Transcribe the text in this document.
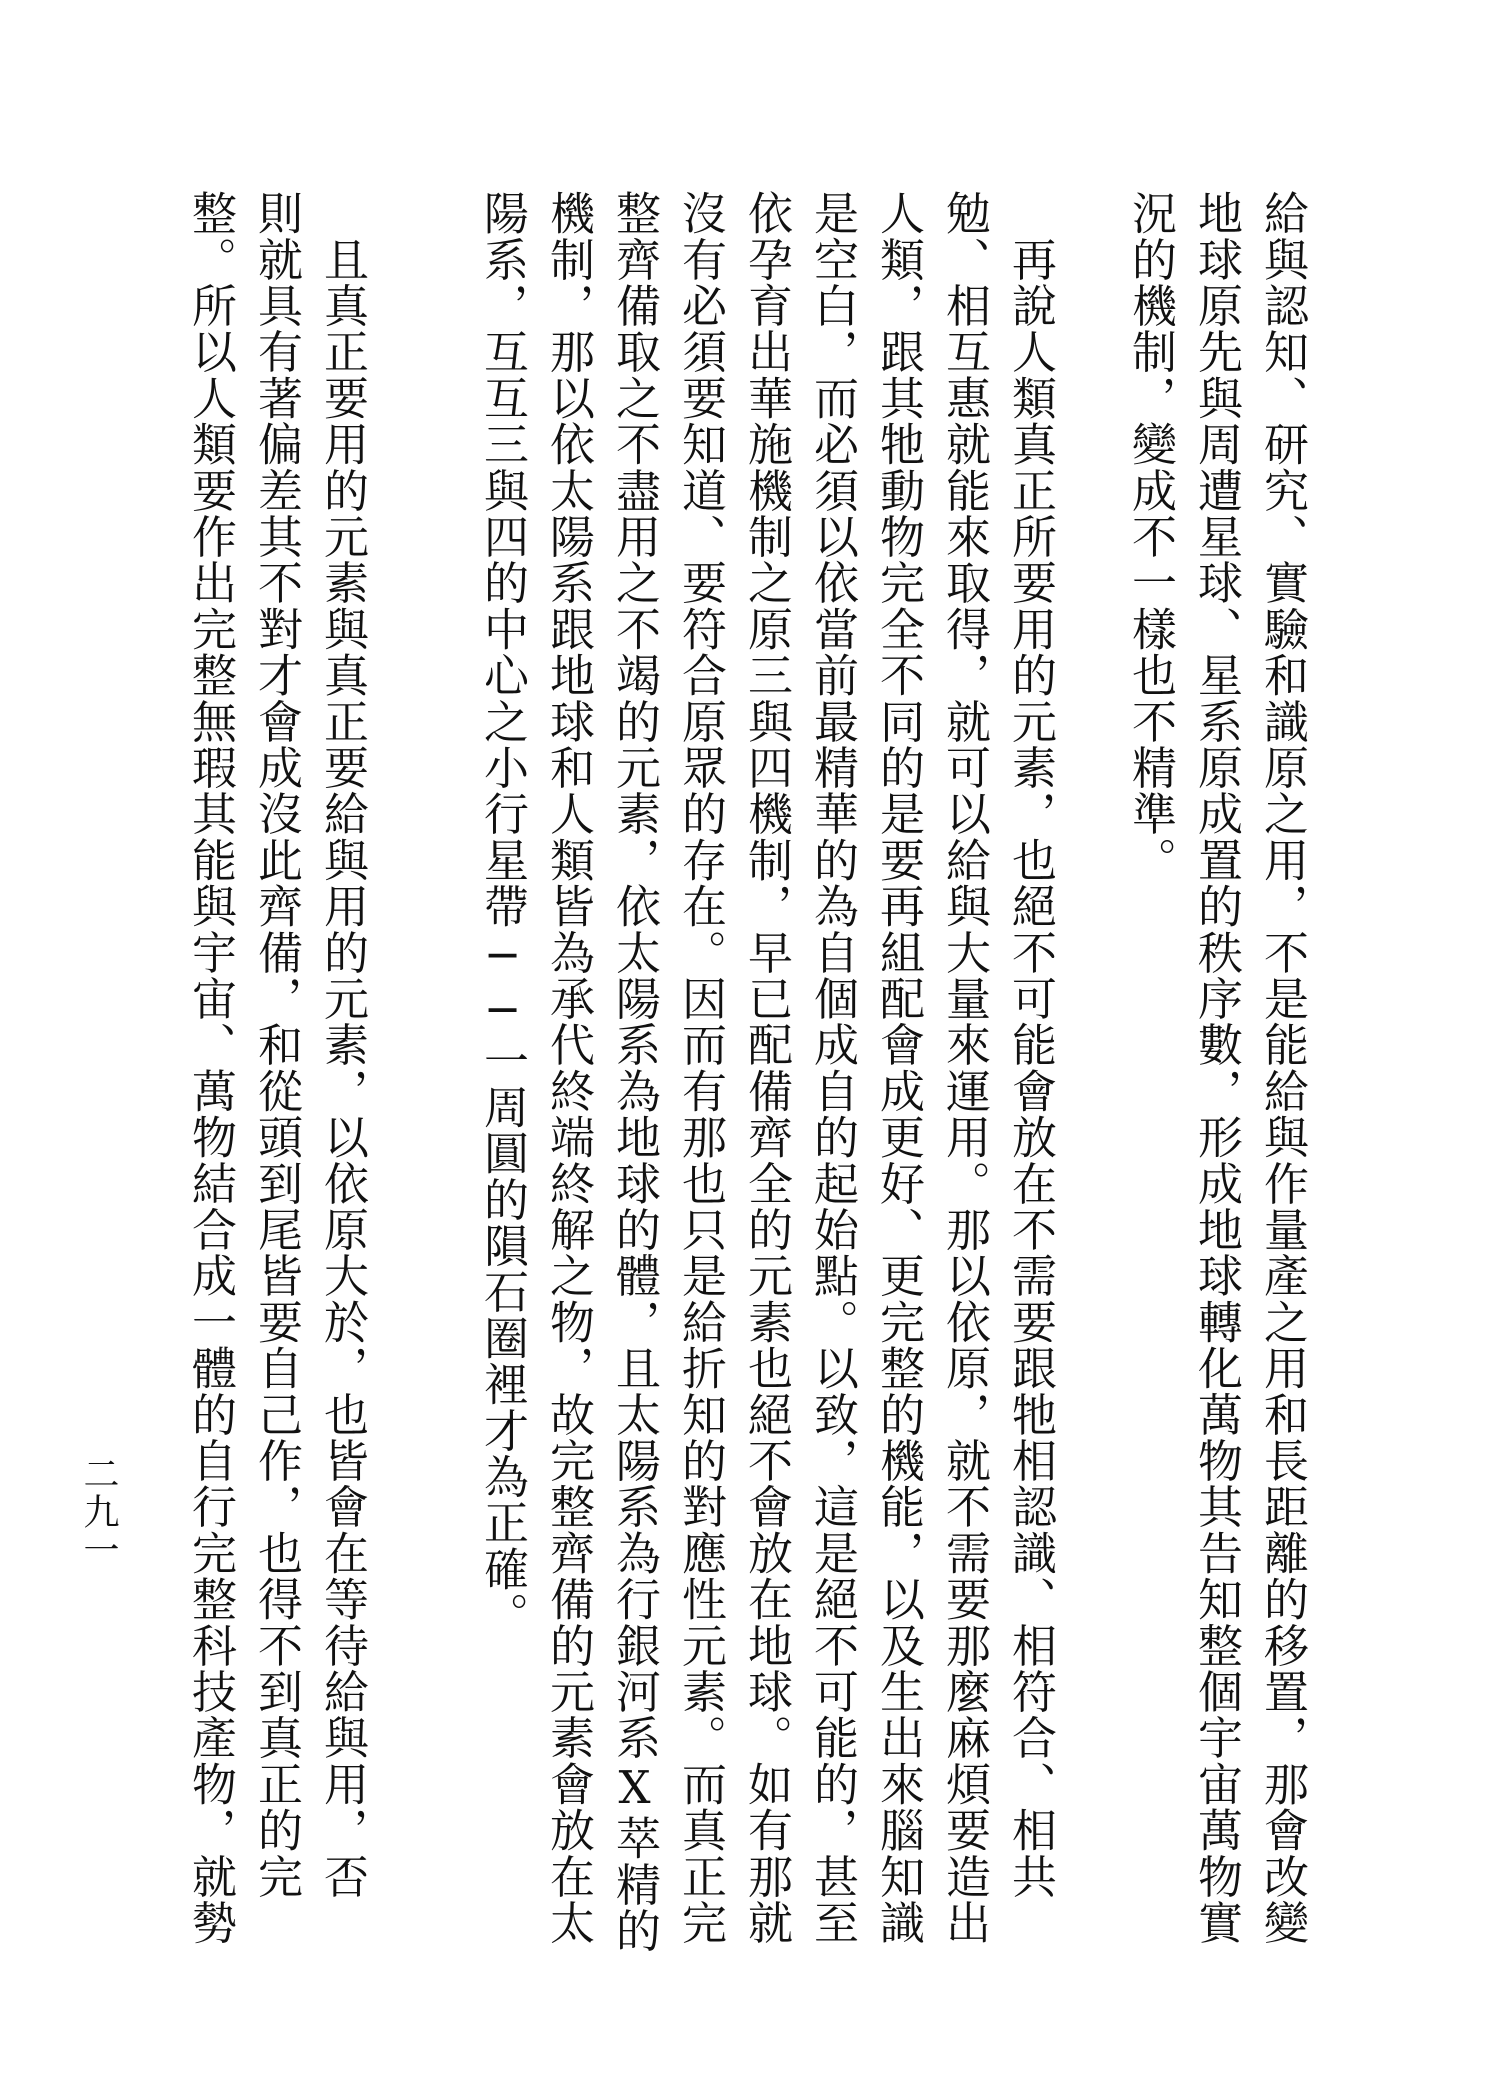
給與認知、研究、實驗和識原之用，不是能給與作量產之用和長距離的移置，那會改變
地球原先與周遭星球、星系原成置的秩序數，形成地球轉化萬物其告知整個宇宙萬物實
況的機制，變成不一樣也不精準。
　再說人類真正所要用的元素，也絕不可能會放在不需要跟牠相認識、相符合、相共
勉、相互惠就能來取得，就可以給與大量來運用。那以依原，就不需要那麼麻煩要造出
人類，跟其牠動物完全不同的是要再組配會成更好、更完整的機能，以及生出來腦知識
是空白，而必須以依當前最精華的為自個成自的起始點。以致，這是絕不可能的，甚至
依孕育出華施機制之原三與四機制，早已配備齊全的元素也絕不會放在地球。如有那就
沒有必須要知道、要符合原眾的存在。因而有那也只是給折知的對應性元素。而真正完
整齊備取之不盡用之不竭的元素，依太陽系為地球的體，且太陽系為行銀河系X萃精的
機制，那以依太陽系跟地球和人類皆為承代終端終解之物，故完整齊備的元素會放在太
陽系，互互三與四的中心之小行星帶──一周圓的隕石圈裡才為正確。
　且真正要用的元素與真正要給與用的元素，以依原大於，也皆會在等待給與用，否
則就具有著偏差其不對才會成沒此齊備，和從頭到尾皆要自己作，也得不到真正的完
整。所以人類要作出完整無瑕其能與宇宙、萬物結合成一體的自行完整科技產物，就勢
二九一
